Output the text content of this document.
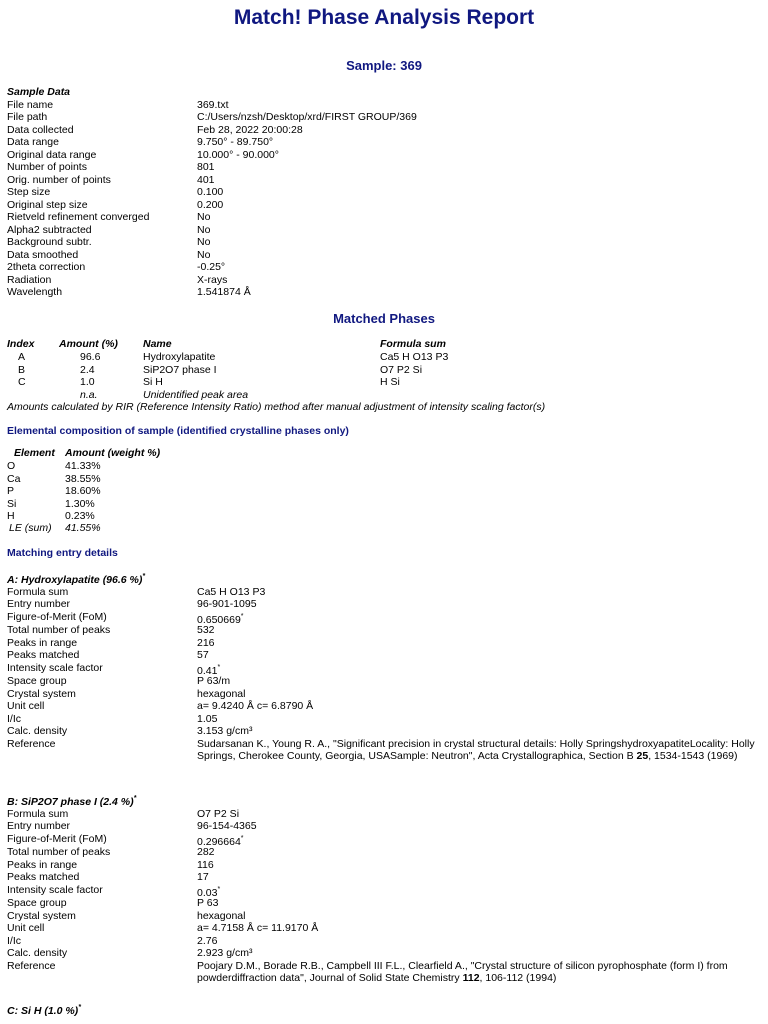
Match! Phase Analysis Report
Sample: 369
Sample Data
Matched Phases
Index Amount (%) Name	Formula sum
A	96.6	Hydroxylapatite	Ca5 H O13 P3
B	2.4	SiP2O7 phase I	O7 P2 Si
C	1.0	Si H	H Si
n.a.	Unidentified peak area
Amounts calculated by RIR (Reference Intensity Ratio) method after manual adjustment of intensity scaling factor(s)
Elemental composition of sample (identified crystalline phases only)
Element Amount (weight %)
O	41.33%
Ca	38.55%
P	18.60%
Si	1.30%
H	0.23%
LE (sum) 41.55%
Matching entry details
File name	369.txt
File path	C:/Users/nzsh/Desktop/xrd/FIRST GROUP/369
Data collected	Feb 28, 2022 20:00:28
Data range	9.750° - 89.750°
Original data range	10.000° - 90.000°
Number of points	801
Orig. number of points	401
Step size	0.100
Original step size	0.200
Rietveld refinement converged	No
Alpha2 subtracted	No
Background subtr.	No
Data smoothed	No
2theta correction	-0.25°
Radiation	X-rays
Wavelength	1.541874 Å
A: Hydroxylapatite (96.6 %)*
Formula sum	Ca5 H O13 P3
Entry number	96-901-1095
Figure-of-Merit (FoM)	0.650669*
Total number of peaks	532
Peaks in range	216
Peaks matched	57
Intensity scale factor	0.41*
Space group	P 63/m
Crystal system	hexagonal
Unit cell	a= 9.4240 Å c= 6.8790 Å
I/Ic	1.05
Calc. density	3.153 g/cm³
Reference	Sudarsanan K., Young R. A., "Significant precision in crystal structural details: Holly SpringshydroxyapatiteLocality: Holly Springs, Cherokee County, Georgia, USASample: Neutron", Acta Crystallographica, Section B 25, 1534-1543 (1969)
B: SiP2O7 phase I (2.4 %)*
Formula sum	O7 P2 Si
Entry number	96-154-4365
Figure-of-Merit (FoM)	0.296664*
Total number of peaks	282
Peaks in range	116
Peaks matched	17
Intensity scale factor	0.03*
Space group	P 63
Crystal system	hexagonal
Unit cell	a= 4.7158 Å c= 11.9170 Å
I/Ic	2.76
Calc. density	2.923 g/cm³
Reference	Poojary D.M., Borade R.B., Campbell III F.L., Clearfield A., "Crystal structure of silicon pyrophosphate (form I) from powderdiffraction data", Journal of Solid State Chemistry 112, 106-112 (1994)
C: Si H (1.0 %)*
